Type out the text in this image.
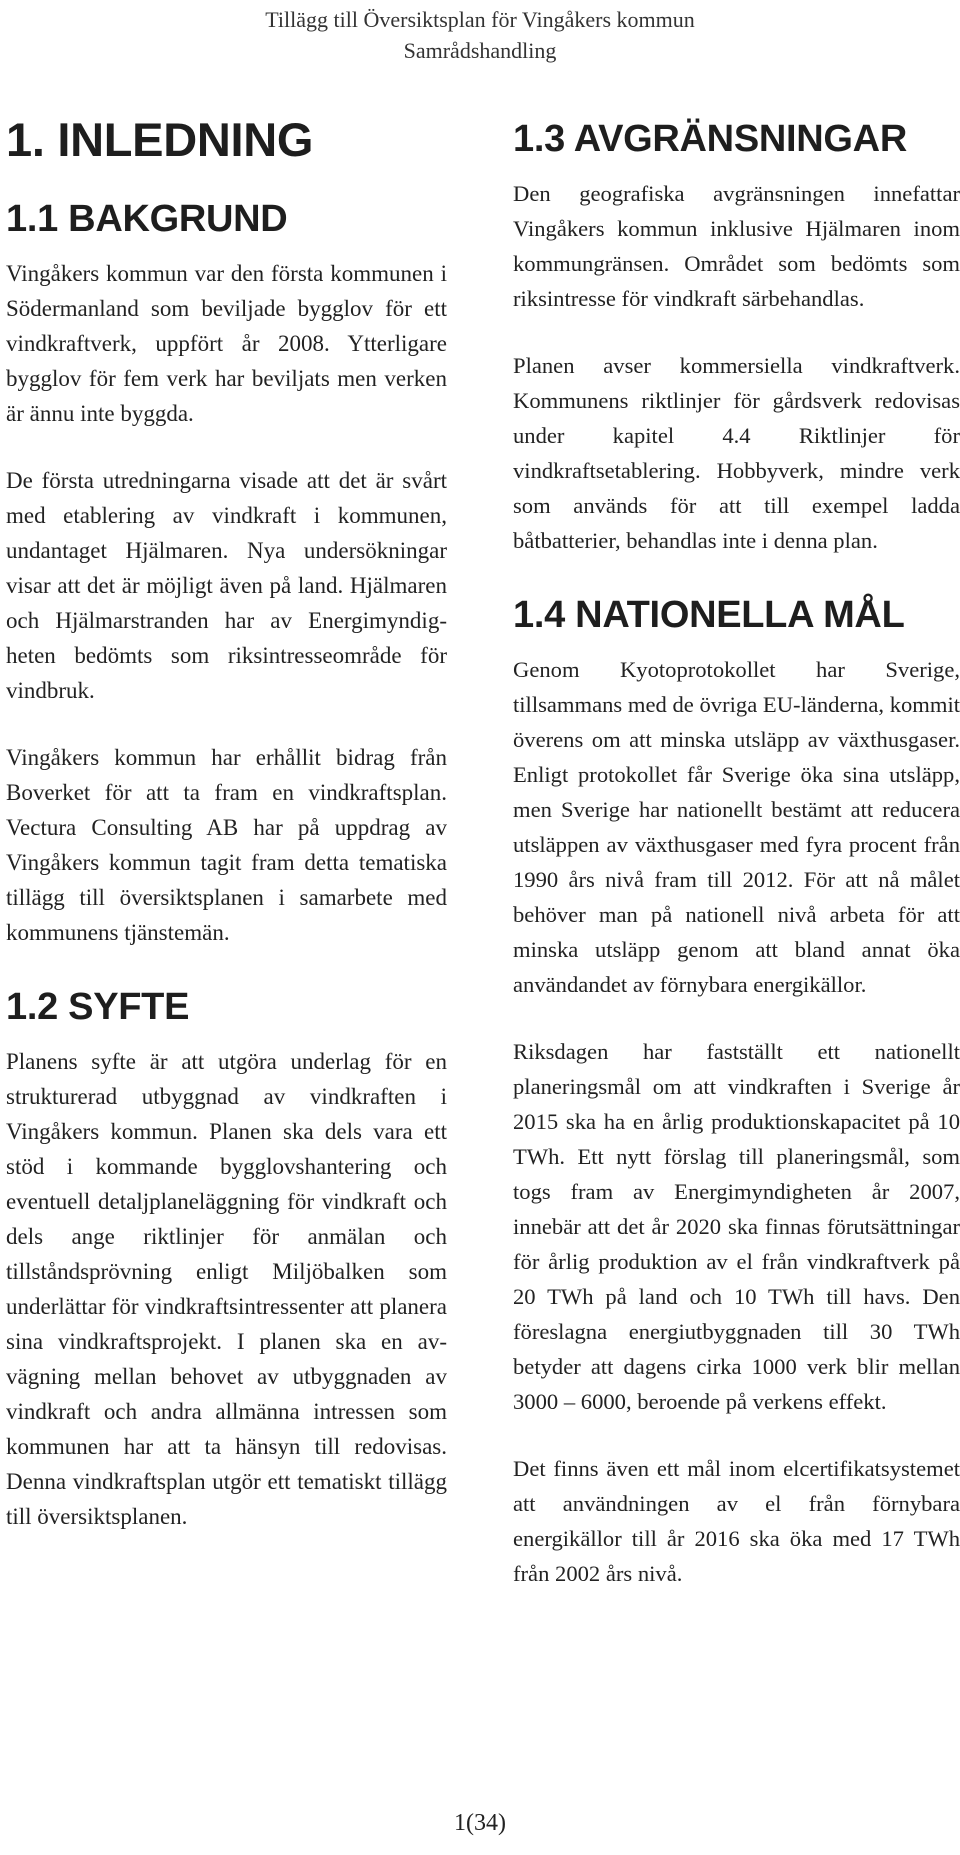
Tillägg till Översiktsplan för Vingåkers kommun
Samrådshandling
1. INLEDNING
1.1 BAKGRUND

Vingåkers kommun var den första kommunen i Södermanland som beviljade bygglov för ett vindkraftverk, uppfört år 2008. Ytterligare bygglov för fem verk har beviljats men verken är ännu inte byggda.

De första utredningarna visade att det är svårt med etablering av vindkraft i kommunen, undantaget Hjälmaren. Nya undersökningar visar att det är möjligt även på land. Hjälmaren och Hjälmarstranden har av Energimyndigheten bedömts som riksintresseområde för vindbruk.

Vingåkers kommun har erhållit bidrag från Boverket för att ta fram en vindkraftsplan. Vectura Consulting AB har på uppdrag av Vingåkers kommun tagit fram detta tematiska tillägg till översiktsplanen i samarbete med kommunens tjänstemän.

1.2 SYFTE

Planens syfte är att utgöra underlag för en strukturerad utbyggnad av vindkraften i Vingåkers kommun. Planen ska dels vara ett stöd i kommande bygglovshantering och eventuell detaljplaneläggning för vindkraft och dels ange riktlinjer för anmälan och tillståndsprövning enligt Miljöbalken som underlättar för vindkraftsintressenter att planera sina vindkraftsprojekt. I planen ska en avvägning mellan behovet av utbyggnaden av vindkraft och andra allmänna intressen som kommunen har att ta hänsyn till redovisas. Denna vindkraftsplan utgör ett tematiskt tillägg till översiktsplanen.

1.3 AVGRÄNSNINGAR

Den geografiska avgränsningen innefattar Vingåkers kommun inklusive Hjälmaren inom kommungränsen. Området som bedömts som riksintresse för vindkraft särbehandlas.

Planen avser kommersiella vindkraftverk. Kommunens riktlinjer för gårdsverk redovisas under kapitel 4.4 Riktlinjer för vindkraftsetablering. Hobbyverk, mindre verk som används för att till exempel ladda båtbatterier, behandlas inte i denna plan.

1.4 NATIONELLA MÅL

Genom Kyotoprotokollet har Sverige, tillsammans med de övriga EU-länderna, kommit överens om att minska utsläpp av växthusgaser. Enligt protokollet får Sverige öka sina utsläpp, men Sverige har nationellt bestämt att reducera utsläppen av växthusgaser med fyra procent från 1990 års nivå fram till 2012. För att nå målet behöver man på nationell nivå arbeta för att minska utsläpp genom att bland annat öka användandet av förnybara energikällor.

Riksdagen har fastställt ett nationellt planeringsmål om att vindkraften i Sverige år 2015 ska ha en årlig produktionskapacitet på 10 TWh. Ett nytt förslag till planeringsmål, som togs fram av Energimyndigheten år 2007, innebär att det år 2020 ska finnas förutsättningar för årlig produktion av el från vindkraftverk på 20 TWh på land och 10 TWh till havs. Den föreslagna energiutbyggnaden till 30 TWh betyder att dagens cirka 1000 verk blir mellan 3000 – 6000, beroende på verkens effekt.

Det finns även ett mål inom elcertifikatsystemet att användningen av el från förnybara energikällor till år 2016 ska öka med 17 TWh från 2002 års nivå.

1(34)
